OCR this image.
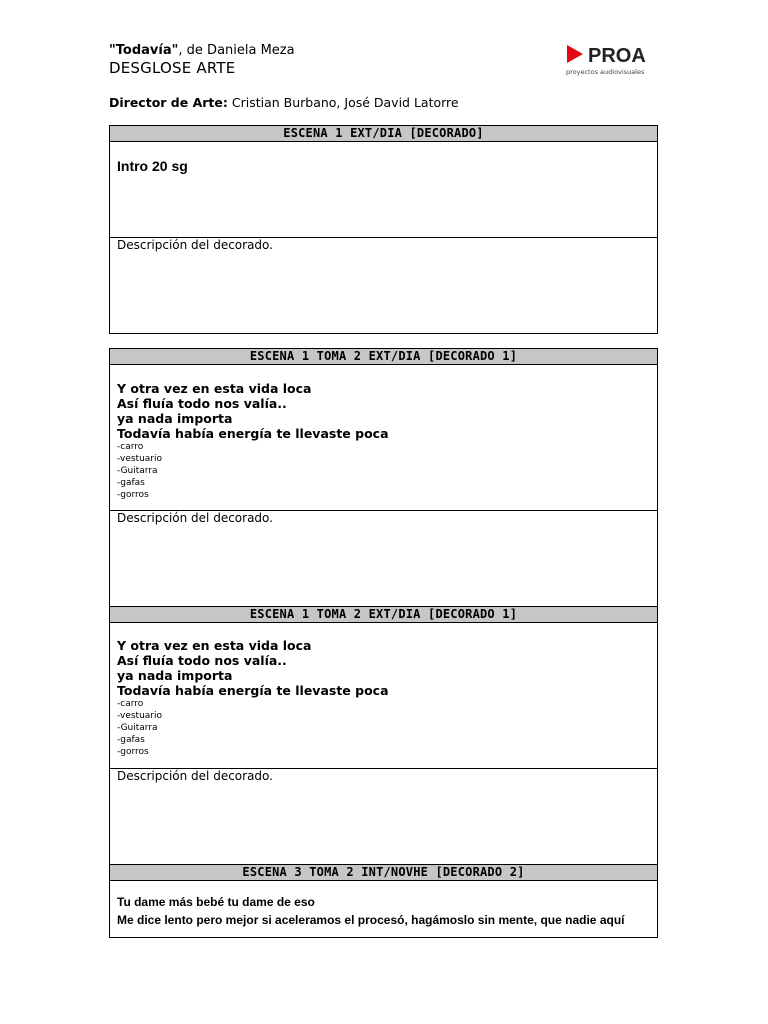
"Todavía", de Daniela Meza
DESGLOSE ARTE
Director de Arte: Cristian Burbano, José David Latorre
PROA
proyectos audiovisuales
ESCENA 1 EXT/DIA [DECORADO]
Intro 20 sg
Descripción del decorado.
ESCENA 1 TOMA 2 EXT/DIA [DECORADO 1]
Y otra vez en esta vida loca
Así fluía todo nos valía..
ya nada importa
Todavía había energía te llevaste poca
-carro
-vestuario
-Guitarra
-gafas
-gorros
Descripción del decorado.
ESCENA 1 TOMA 2 EXT/DIA [DECORADO 1]
Y otra vez en esta vida loca
Así fluía todo nos valía..
ya nada importa
Todavía había energía te llevaste poca
-carro
-vestuario
-Guitarra
-gafas
-gorros
Descripción del decorado.
ESCENA 3 TOMA 2 INT/NOVHE [DECORADO 2]
Tu dame más bebé tu dame de eso
Me dice lento pero mejor si aceleramos el procesó, hagámoslo sin mente, que nadie aquí
